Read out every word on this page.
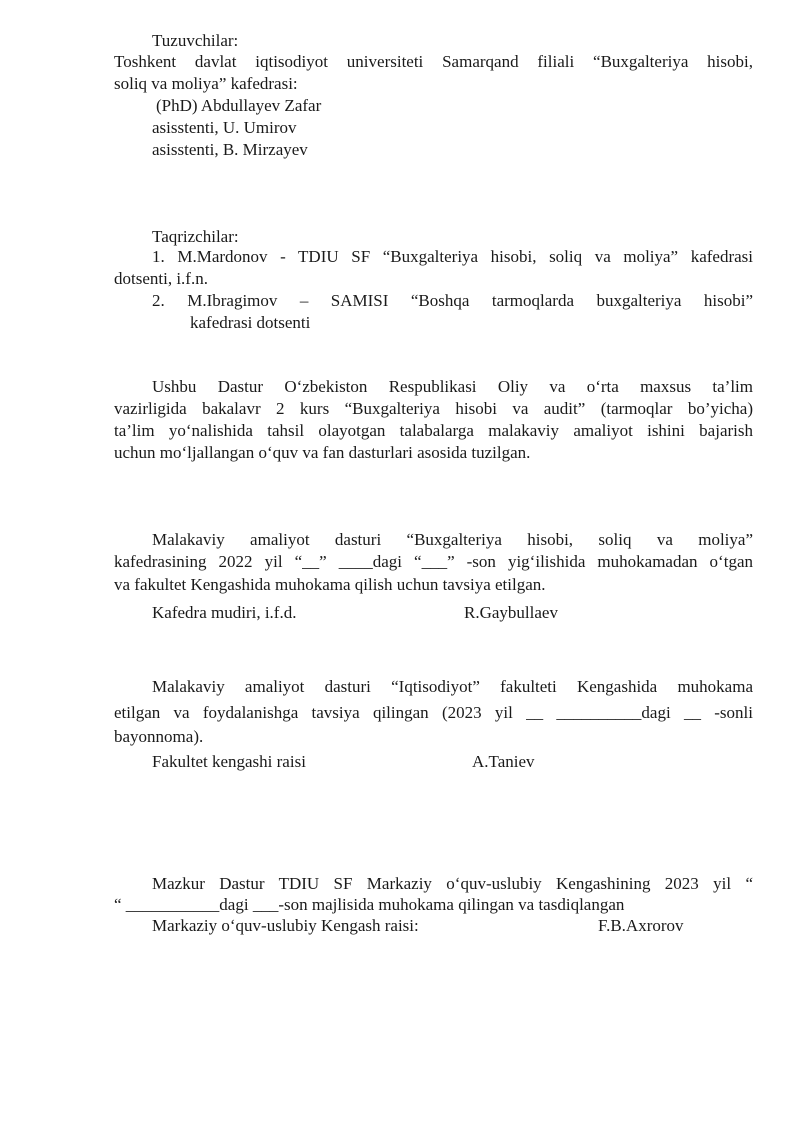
Tuzuvchilar:
Toshkent davlat iqtisodiyot universiteti Samarqand filiali “Buxgalteriya hisobi,
soliq va moliya” kafedrasi:
(PhD) Abdullayev Zafar
asisstenti, U. Umirov
asisstenti, B. Mirzayev
Taqrizchilar:
1. M.Mardonov - TDIU SF “Buxgalteriya hisobi, soliq va moliya” kafedrasi
dotsenti, i.f.n.
2. M.Ibragimov – SAMISI “Boshqa tarmoqlarda buxgalteriya hisobi”
kafedrasi dotsenti
Ushbu Dastur O‘zbekiston Respublikasi Oliy va o‘rta maxsus ta’lim
vazirligida bakalavr 2 kurs “Buxgalteriya hisobi va audit” (tarmoqlar bo’yicha)
ta’lim yo‘nalishida tahsil olayotgan talabalarga malakaviy amaliyot ishini bajarish
uchun mo‘ljallangan o‘quv va fan dasturlari asosida tuzilgan.
Malakaviy amaliyot dasturi “Buxgalteriya hisobi, soliq va moliya”
kafedrasining 2022 yil “__” ____dagi “___” -son yig‘ilishida muhokamadan o‘tgan
va fakultet Kengashida muhokama qilish uchun tavsiya etilgan.
Kafedra mudiri, i.f.d.	R.Gaybullaev
Malakaviy amaliyot dasturi “Iqtisodiyot” fakulteti Kengashida muhokama
etilgan va foydalanishga tavsiya qilingan (2023 yil __ __________dagi __ -sonli
bayonnoma).
Fakultet kengashi raisi	A.Taniev
Mazkur Dastur TDIU SF Markaziy o‘quv-uslubiy Kengashining 2023 yil “
“ ___________dagi ___-son majlisida muhokama qilingan va tasdiqlangan
Markaziy o‘quv-uslubiy Kengash raisi:	F.B.Axrorov
